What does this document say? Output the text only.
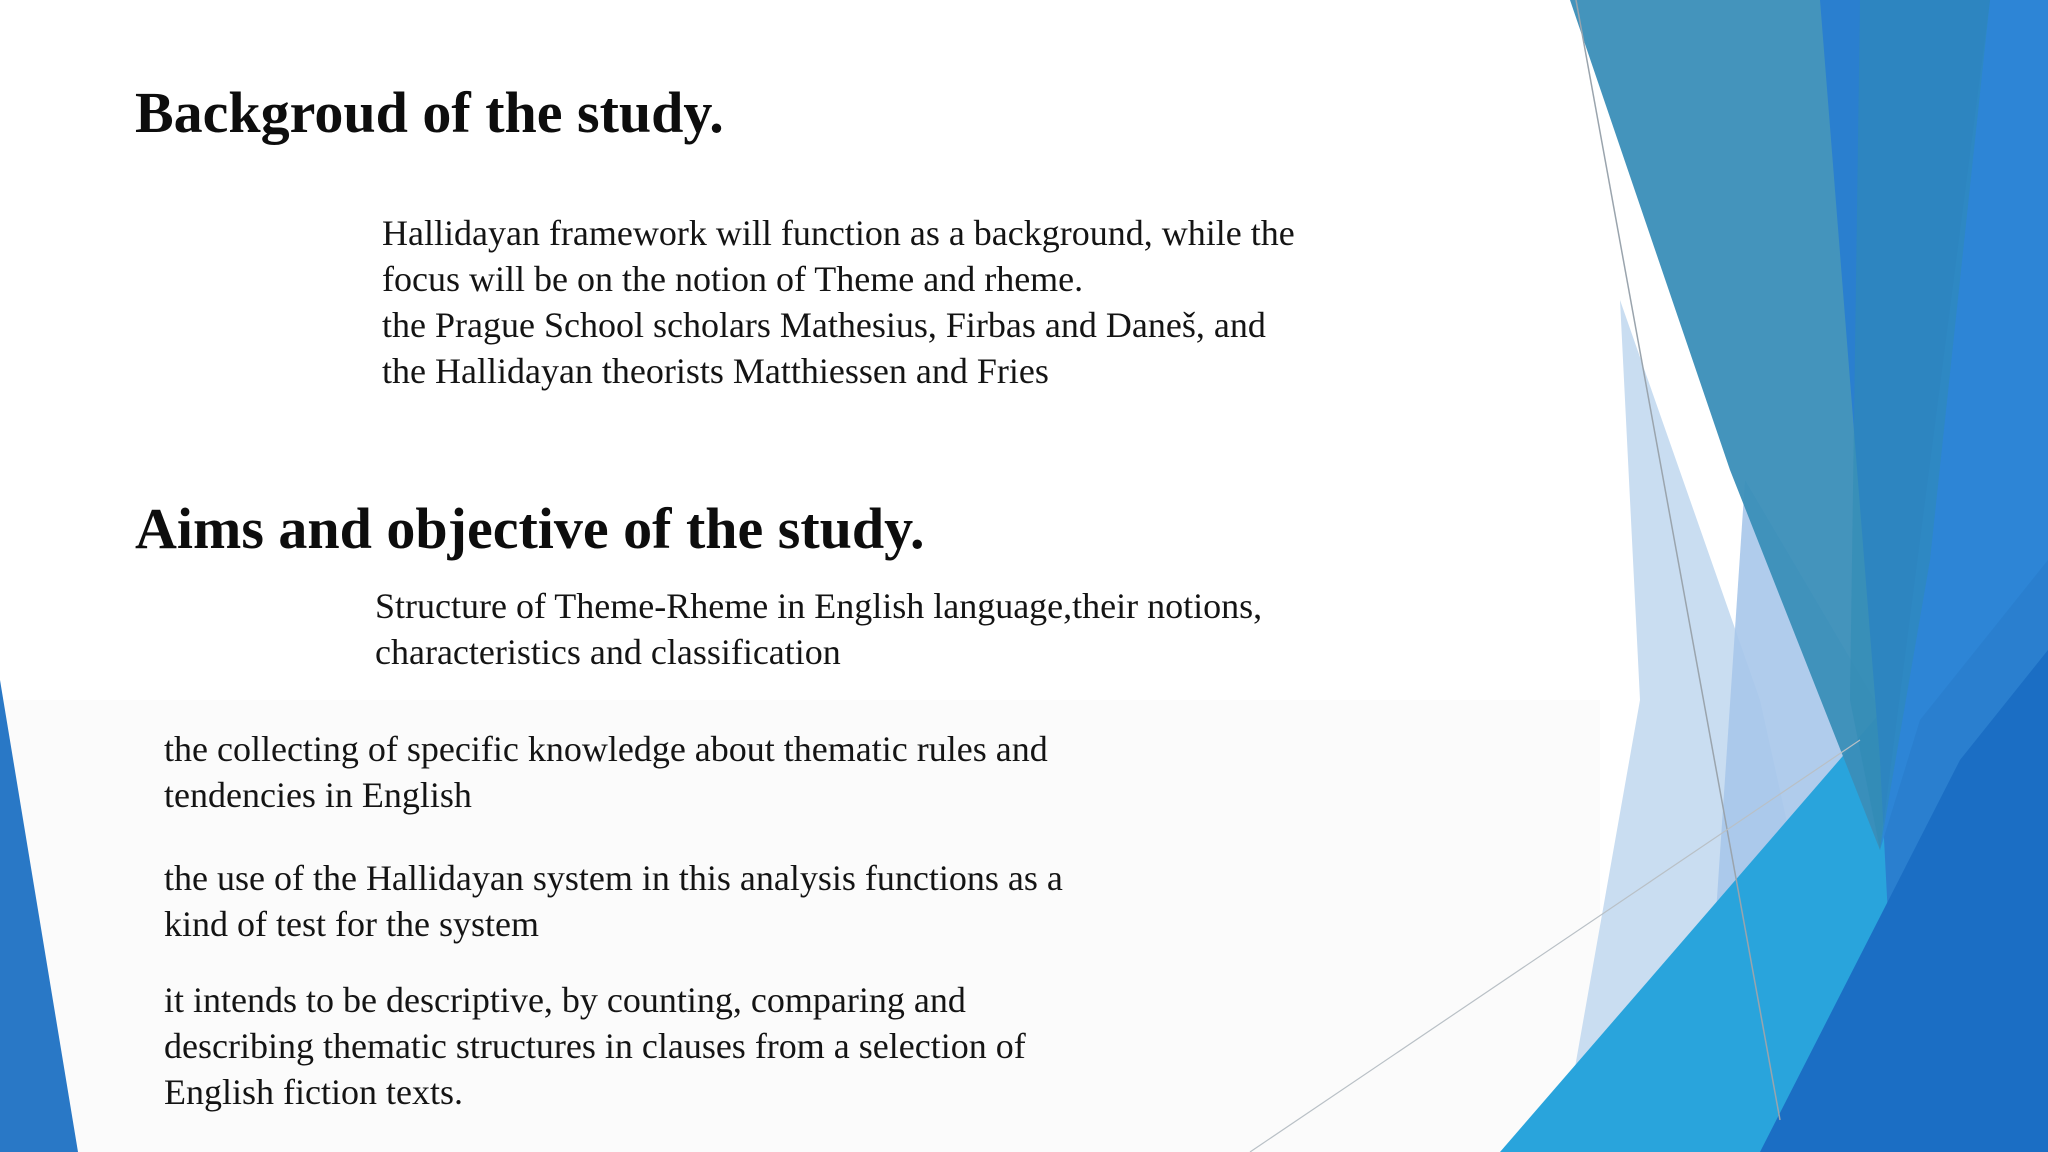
Backgroud of the study.
Hallidayan framework will function as a background, while the
focus will be on the notion of Theme and rheme.
the Prague School scholars Mathesius, Firbas and Daneš, and
the Hallidayan theorists Matthiessen and Fries
Aims and objective of the study.
Structure of Theme-Rheme in English language,their notions,
characteristics and classification
the collecting of specific knowledge about thematic rules and
tendencies in English
the use of the Hallidayan system in this analysis functions as a
kind of test for the system
it intends to be descriptive, by counting, comparing and
describing thematic structures in clauses from a selection of
English fiction texts.
